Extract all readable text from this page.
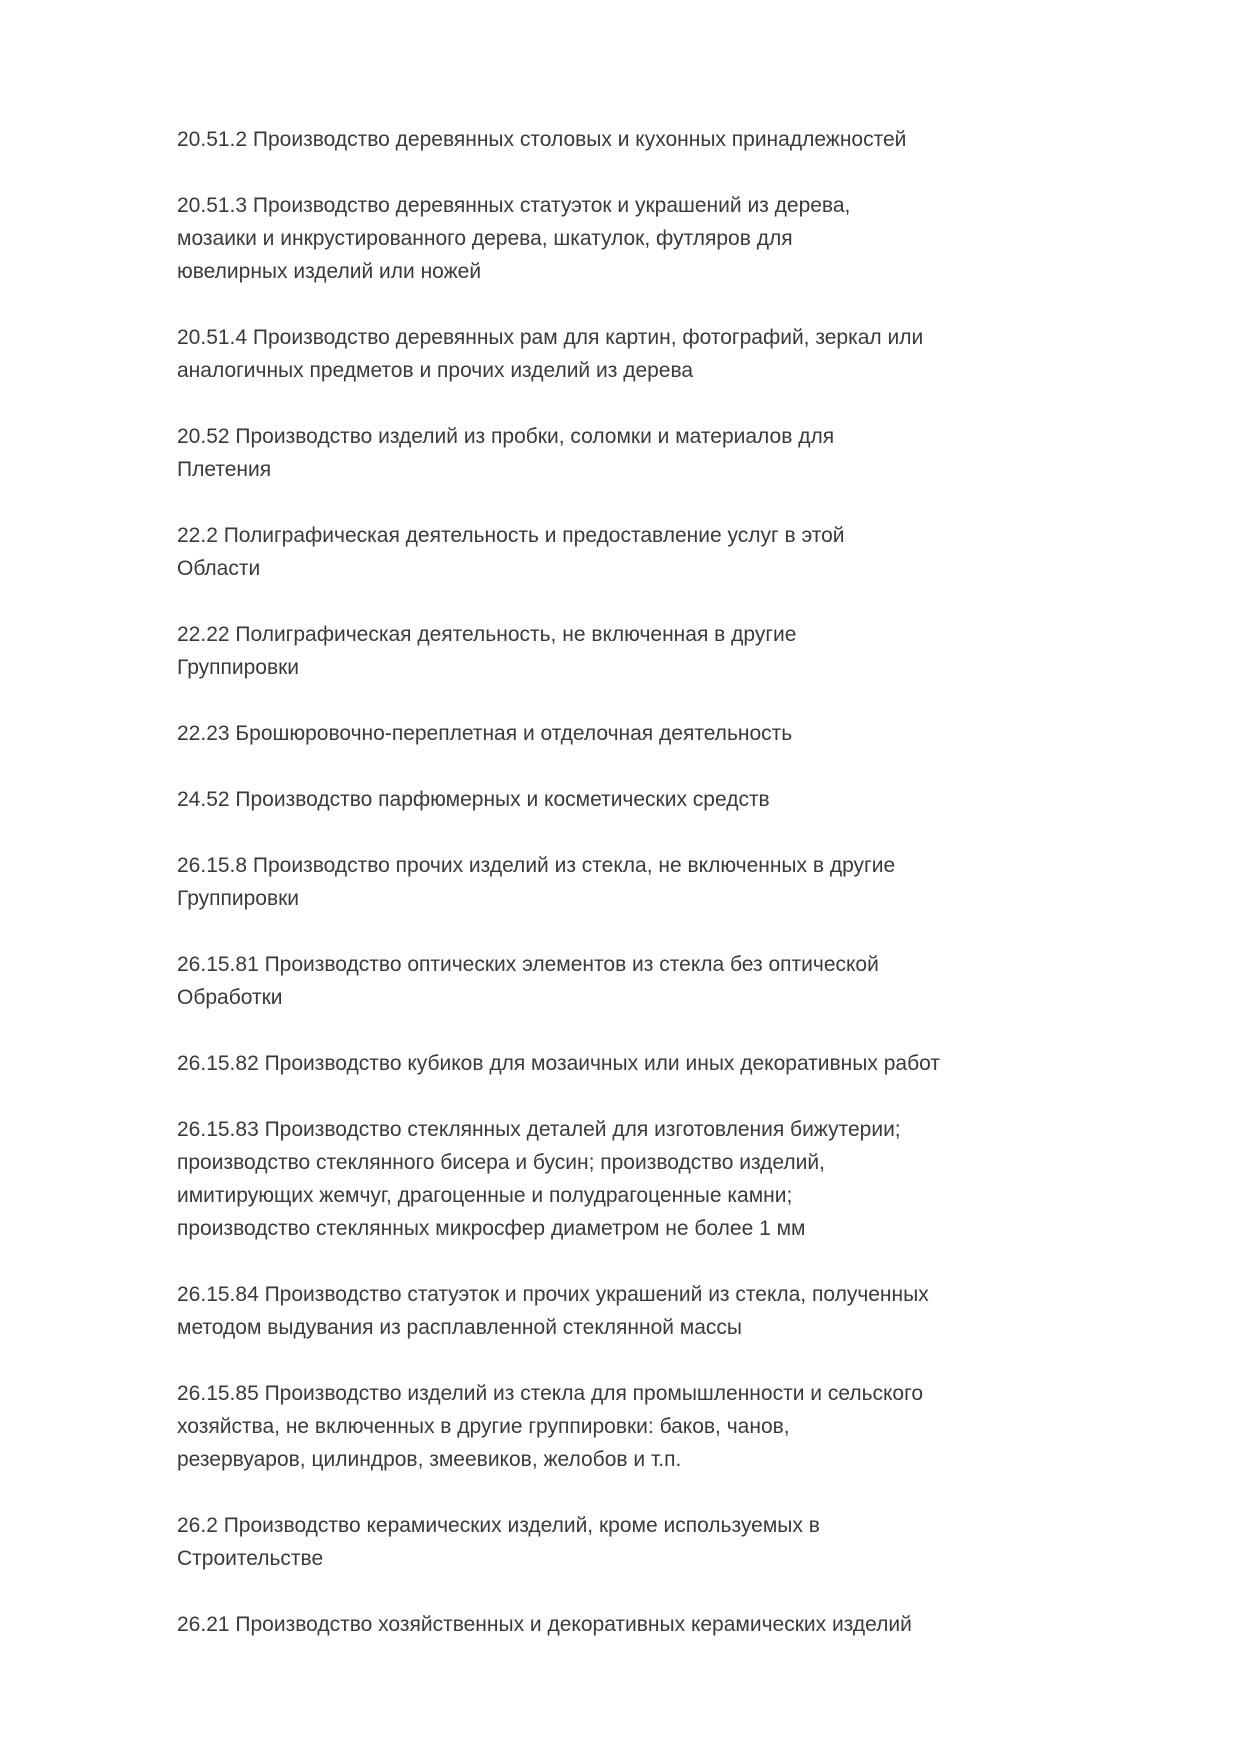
20.51.2 Производство деревянных столовых и кухонных принадлежностей
20.51.3 Производство деревянных статуэток и украшений из дерева,
мозаики и инкрустированного дерева, шкатулок, футляров для
ювелирных изделий или ножей
20.51.4 Производство деревянных рам для картин, фотографий, зеркал или
аналогичных предметов и прочих изделий из дерева
20.52 Производство изделий из пробки, соломки и материалов для
Плетения
22.2 Полиграфическая деятельность и предоставление услуг в этой
Области
22.22 Полиграфическая деятельность, не включенная в другие
Группировки
22.23 Брошюровочно-переплетная и отделочная деятельность
24.52 Производство парфюмерных и косметических средств
26.15.8 Производство прочих изделий из стекла, не включенных в другие
Группировки
26.15.81 Производство оптических элементов из стекла без оптической
Обработки
26.15.82 Производство кубиков для мозаичных или иных декоративных работ
26.15.83 Производство стеклянных деталей для изготовления бижутерии;
производство стеклянного бисера и бусин; производство изделий,
имитирующих жемчуг, драгоценные и полудрагоценные камни;
производство стеклянных микросфер диаметром не более 1 мм
26.15.84 Производство статуэток и прочих украшений из стекла, полученных
методом выдувания из расплавленной стеклянной массы
26.15.85 Производство изделий из стекла для промышленности и сельского
хозяйства, не включенных в другие группировки: баков, чанов,
резервуаров, цилиндров, змеевиков, желобов и т.п.
26.2 Производство керамических изделий, кроме используемых в
Строительстве
26.21 Производство хозяйственных и декоративных керамических изделий
